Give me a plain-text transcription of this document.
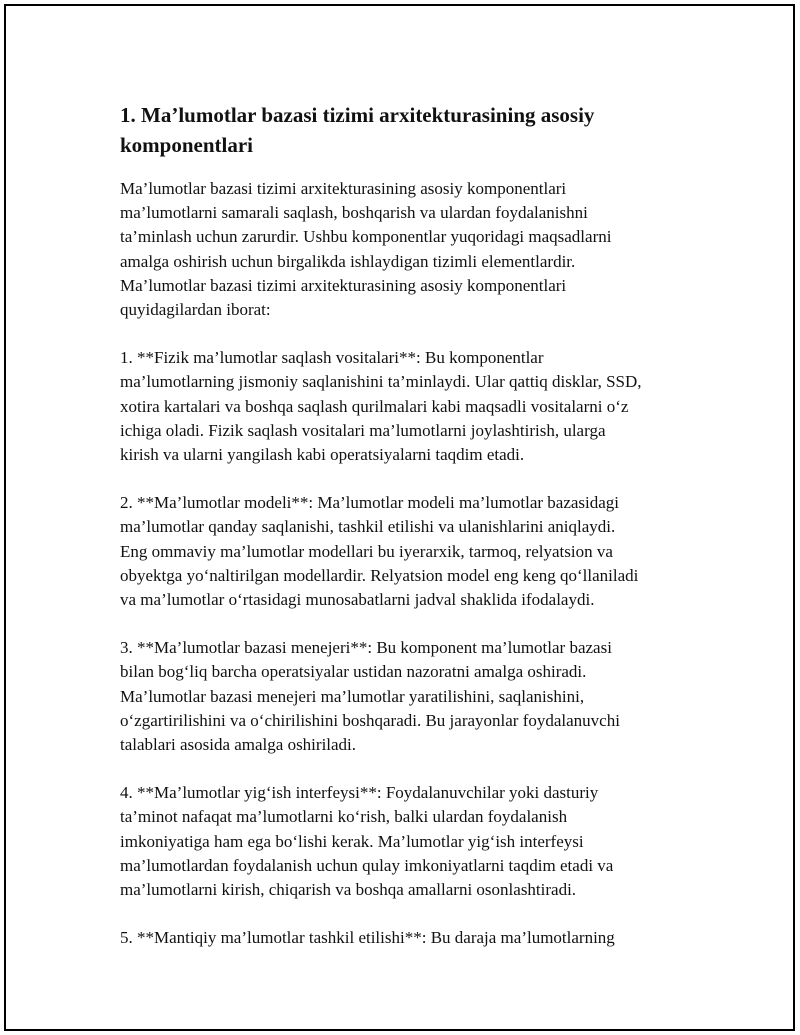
1. Ma’lumotlar bazasi tizimi arxitekturasining asosiy
komponentlari

Ma’lumotlar bazasi tizimi arxitekturasining asosiy komponentlari
ma’lumotlarni samarali saqlash, boshqarish va ulardan foydalanishni
ta’minlash uchun zarurdir. Ushbu komponentlar yuqoridagi maqsadlarni
amalga oshirish uchun birgalikda ishlaydigan tizimli elementlardir.
Ma’lumotlar bazasi tizimi arxitekturasining asosiy komponentlari
quyidagilardan iborat:

1. **Fizik ma’lumotlar saqlash vositalari**: Bu komponentlar
ma’lumotlarning jismoniy saqlanishini ta’minlaydi. Ular qattiq disklar, SSD,
xotira kartalari va boshqa saqlash qurilmalari kabi maqsadli vositalarni o‘z
ichiga oladi. Fizik saqlash vositalari ma’lumotlarni joylashtirish, ularga
kirish va ularni yangilash kabi operatsiyalarni taqdim etadi.

2. **Ma’lumotlar modeli**: Ma’lumotlar modeli ma’lumotlar bazasidagi
ma’lumotlar qanday saqlanishi, tashkil etilishi va ulanishlarini aniqlaydi.
Eng ommaviy ma’lumotlar modellari bu iyerarxik, tarmoq, relyatsion va
obyektga yo‘naltirilgan modellardir. Relyatsion model eng keng qo‘llaniladi
va ma’lumotlar o‘rtasidagi munosabatlarni jadval shaklida ifodalaydi.

3. **Ma’lumotlar bazasi menejeri**: Bu komponent ma’lumotlar bazasi
bilan bog‘liq barcha operatsiyalar ustidan nazoratni amalga oshiradi.
Ma’lumotlar bazasi menejeri ma’lumotlar yaratilishini, saqlanishini,
o‘zgartirilishini va o‘chirilishini boshqaradi. Bu jarayonlar foydalanuvchi
talablari asosida amalga oshiriladi.

4. **Ma’lumotlar yig‘ish interfeysi**: Foydalanuvchilar yoki dasturiy
ta’minot nafaqat ma’lumotlarni ko‘rish, balki ulardan foydalanish
imkoniyatiga ham ega bo‘lishi kerak. Ma’lumotlar yig‘ish interfeysi
ma’lumotlardan foydalanish uchun qulay imkoniyatlarni taqdim etadi va
ma’lumotlarni kirish, chiqarish va boshqa amallarni osonlashtiradi.

5. **Mantiqiy ma’lumotlar tashkil etilishi**: Bu daraja ma’lumotlarning
